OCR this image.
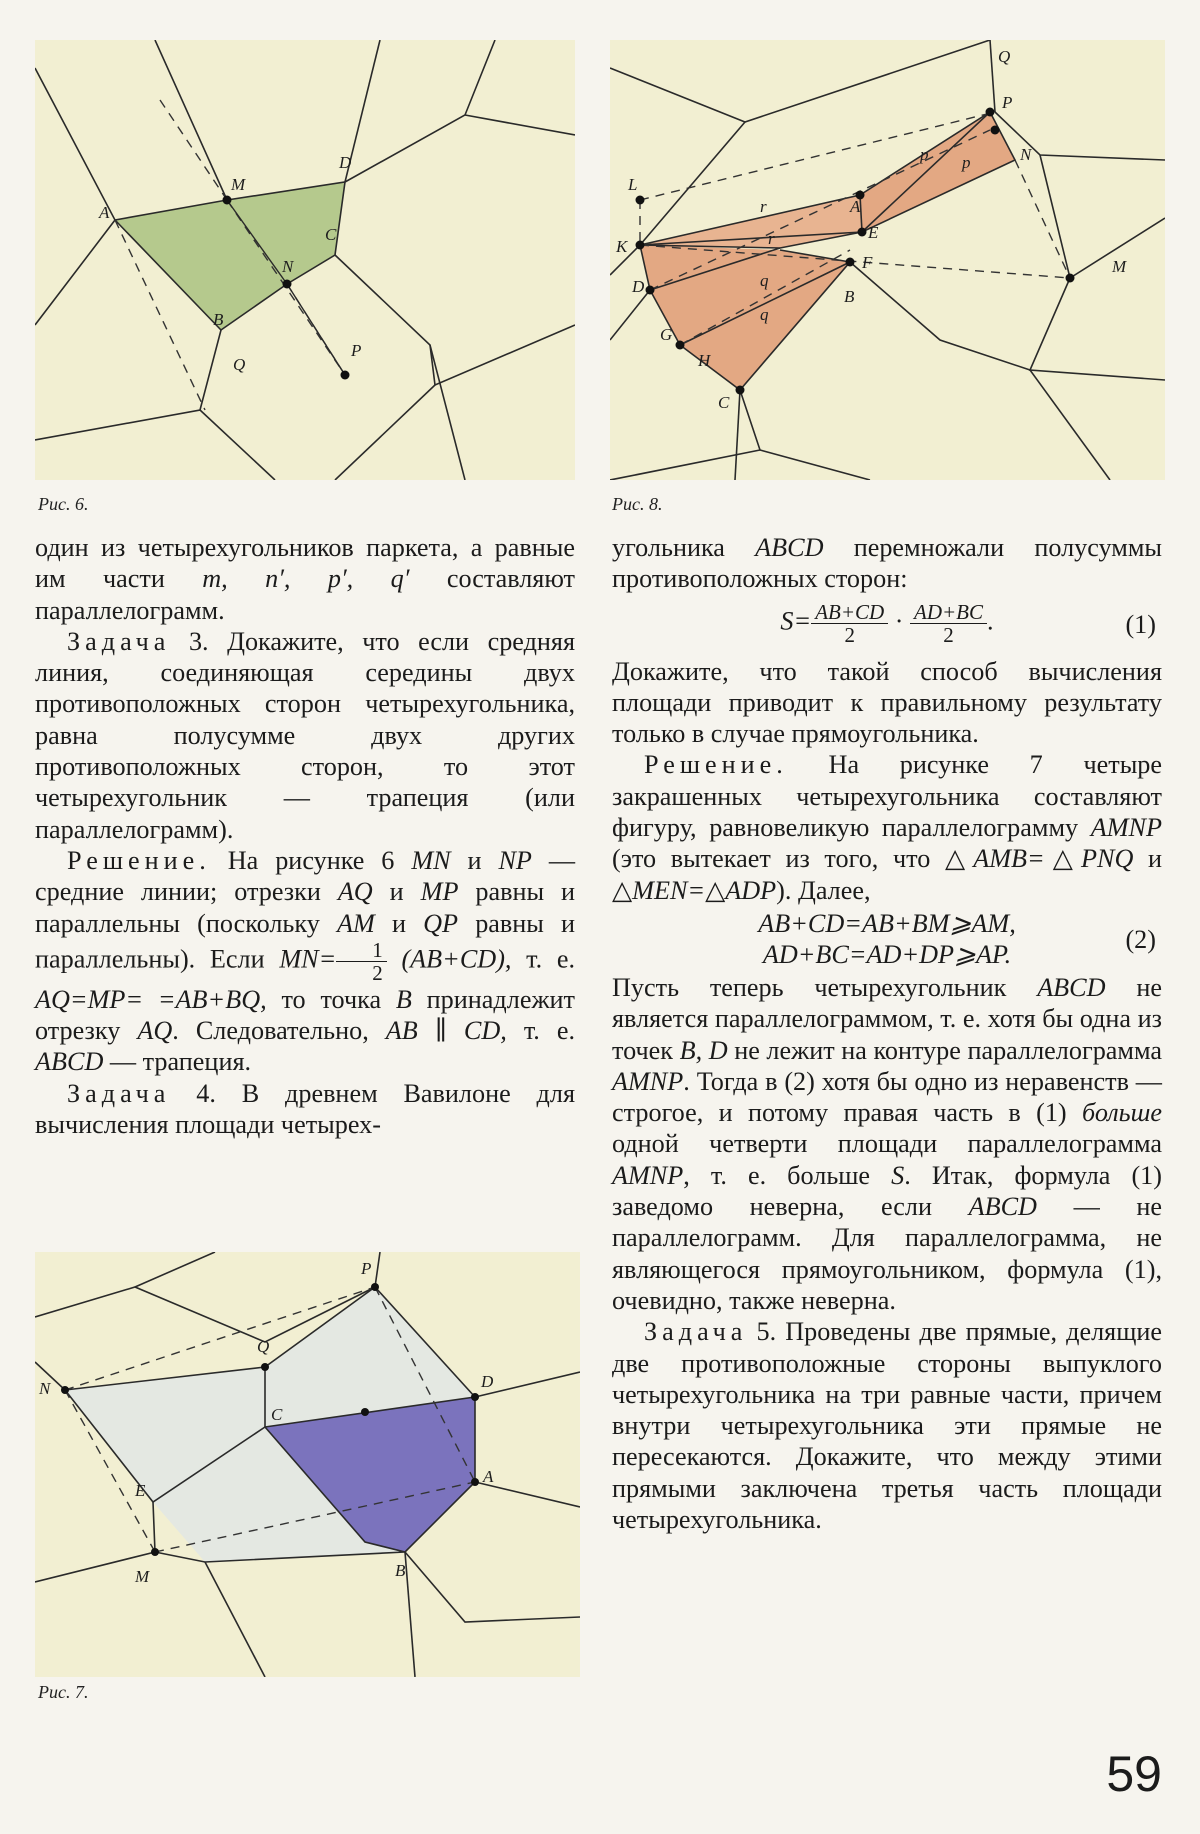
M
D
A
C
N
B
P
Q
Рис. 6.
Q
P
N
L
A
K
E
F	M
D
G
B
H
C
p p
r
r
q
q
Рис. 8.
P
Q
N
C
D
A
E
B
M
Рис. 7.

один из четырехугольников паркета, а равные им части m, n′, p′, q′ составляют параллелограмм.

Задача 3. Докажите, что если средняя линия, соединяющая середины двух противоположных сторон четырехугольника, равна полусумме двух других противоположных сторон, то этот четырехугольник — трапеция (или параллелограмм).

Решение. На рисунке 6 MN и NP — средние линии; отрезки AQ и MP равны и параллельны (поскольку AM и QP равны и параллельны). Если $MN= \frac{1}{2} (AB+CD)$, т. е. AQ=MP= =AB+BQ, то точка B принадлежит отрезку AQ. Следовательно, AB ∥ CD, т. е. ABCD — трапеция.

Задача 4. В древнем Вавилоне для вычисления площади четырех-

угольника ABCD перемножали полусуммы противоположных сторон:

$S= \frac{AB+CD}{2} \cdot \frac{AD+BC}{2}$ .	(1)

Докажите, что такой способ вычисления площади приводит к правильному результату только в случае прямоугольника.

Решение. На рисунке 7 четыре закрашенных четырехугольника составляют фигуру, равновеликую параллелограмму AMNP (это вытекает из того, что △AMB=△PNQ и △MEN=△ADP). Далее,

AB+CD=AB+BM⩾AM,
AD+BC=AD+DP⩾AP.
(2)

Пусть теперь четырехугольник ABCD не является параллелограммом, т. е. хотя бы одна из точек B, D не лежит на контуре параллелограмма AMNP. Тогда в (2) хотя бы одно из неравенств — строгое, и потому правая часть в (1) больше одной четверти площади параллелограмма AMNP, т. е. больше S. Итак, формула (1) заведомо неверна, если ABCD — не параллелограмм. Для параллелограмма, не являющегося прямоугольником, формула (1), очевидно, также неверна.

Задача 5. Проведены две прямые, делящие две противоположные стороны выпуклого четырехугольника на три равные части, причем внутри четырехугольника эти прямые не пересекаются. Докажите, что между этими прямыми заключена третья часть площади четырехугольника.

59
